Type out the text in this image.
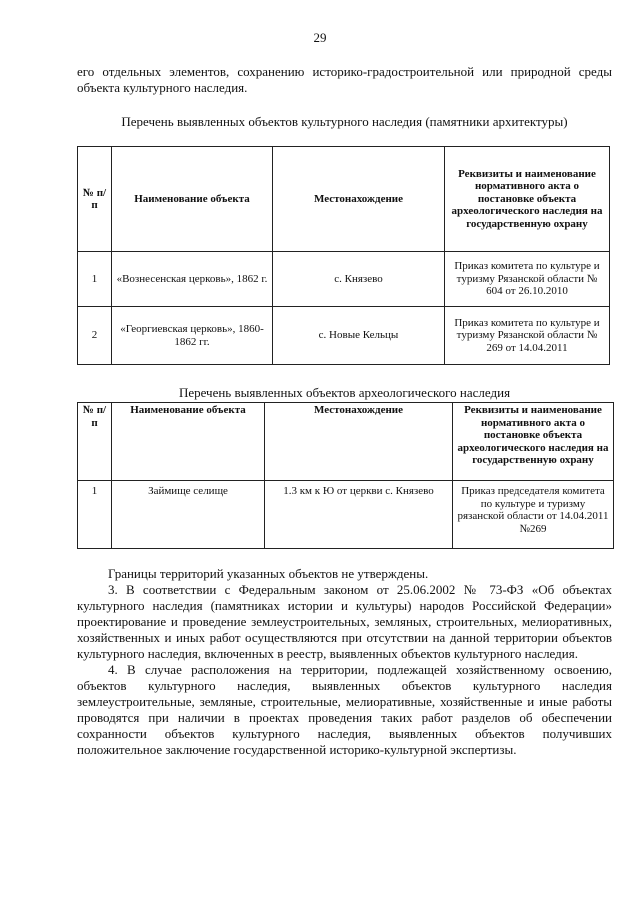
29

его отдельных элементов, сохранению историко-градостроительной или природной среды объекта культурного наследия.

Перечень выявленных объектов культурного наследия (памятники архитектуры)
№ п/п	Наименование объекта	Местонахождение	Реквизиты и наименование нормативного акта о постановке объекта археологического наследия на государственную охрану
1	«Вознесенская церковь», 1862 г.	с. Князево	Приказ комитета по культуре и туризму Рязанской области № 604 от 26.10.2010
2	«Георгиевская церковь», 1860-1862 гг.	с. Новые Кельцы	Приказ комитета по культуре и туризму Рязанской области № 269 от 14.04.2011
Перечень выявленных объектов археологического наследия
№ п/п	Наименование объекта	Местонахождение	Реквизиты и наименование нормативного акта о постановке объекта археологического наследия на государственную охрану
1	Займище селище	1.3 км к Ю от церкви с. Князево	Приказ председателя комитета по культуре и туризму рязанской области от 14.04.2011 №269

Границы территорий указанных объектов не утверждены.

3. В соответствии с Федеральным законом от 25.06.2002 № 73-ФЗ «Об объектах культурного наследия (памятниках истории и культуры) народов Российской Федерации» проектирование и проведение землеустроительных, земляных, строительных, мелиоративных, хозяйственных и иных работ осуществляются при отсутствии на данной территории объектов культурного наследия, включенных в реестр, выявленных объектов культурного наследия.

4. В случае расположения на территории, подлежащей хозяйственному освоению, объектов культурного наследия, выявленных объектов культурного наследия землеустроительные, земляные, строительные, мелиоративные, хозяйственные и иные работы проводятся при наличии в проектах проведения таких работ разделов об обеспечении сохранности объектов культурного наследия, выявленных объектов получивших положительное заключение государственной историко-культурной экспертизы.
